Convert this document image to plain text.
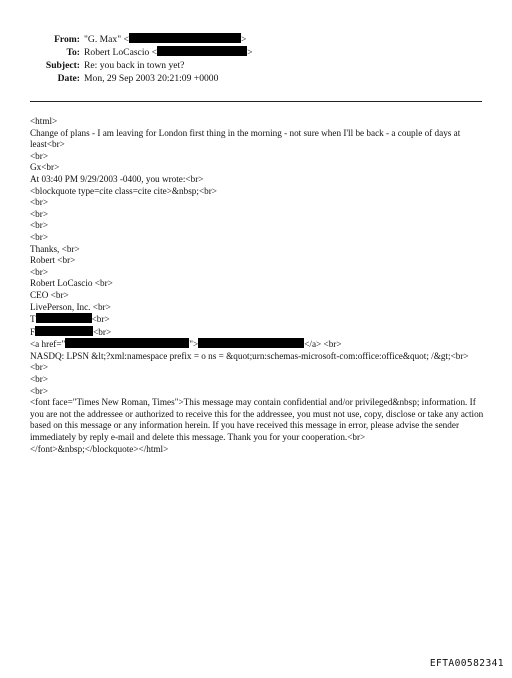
From: "G. Max" <	>
To: Robert LoCascio <	>
Subject: Re: you back in town yet?
Date: Mon, 29 Sep 2003 20:21:09 +0000
<html>
Change of plans - I am leaving for London first thing in the morning - not sure when I'll be back - a couple of days at least<br>
<br>
Gx<br>
At 03:40 PM 9/29/2003 -0400, you wrote:<br>
<blockquote type=cite class=cite cite>&nbsp;<br>
<br>
<br>
<br>
<br>
Thanks, <br>
Robert <br>
<br>
Robert LoCascio <br>
CEO <br>
LivePerson, Inc. <br>
T	<br>
F	<br>
<a href="	">	</a> <br>
NASDQ: LPSN &lt;?xml:namespace prefix = o ns = &quot;urn:schemas-microsoft-com:office:office&quot; /&gt;<br>
<br>
<br>
<br>
<font face="Times New Roman, Times">This message may contain confidential and/or privileged&nbsp; information. If you are not the addressee or authorized to receive this for the addressee, you must not use, copy, disclose or take any action based on this message or any information herein. If you have received this message in error, please advise the sender immediately by reply e-mail and delete this message. Thank you for your cooperation.<br>
</font>&nbsp;</blockquote></html>
EFTA00582341
